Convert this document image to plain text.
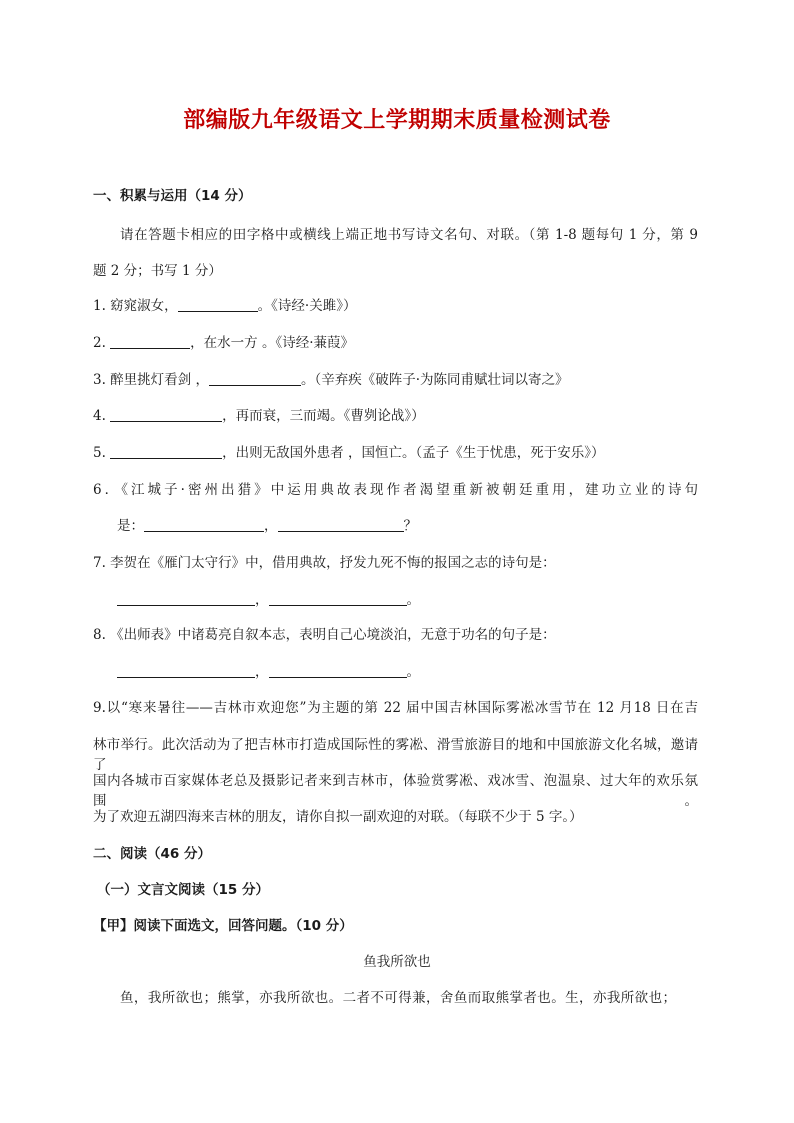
部编版九年级语文上学期期末质量检测试卷
一、积累与运用（14 分）
请在答题卡相应的田字格中或横线上端正地书写诗文名句、对联。（第 1-8 题每句 1 分，第 9
题 2 分；书写 1 分）
1. 窈窕淑女，	。《诗经·关雎》）
2.	，在水一方 。《诗经·蒹葭》
3. 醉里挑灯看剑 ，	。（辛弃疾《破阵子·为陈同甫赋壮词以寄之》
4.	，再而衰，三而竭。《曹刿论战》）
5.	，出则无敌国外患者 ，国恒亡。（孟子《生于忧患，死于安乐》）
6．《江城子·密州出猎》中运用典故表现作者渴望重新被朝廷重用，建功立业的诗句
是：	，	？
7. 李贺在《雁门太守行》中，借用典故，抒发九死不悔的报国之志的诗句是：
，	。
8. 《出师表》中诸葛亮自叙本志，表明自己心境淡泊，无意于功名的句子是：
，	。
9.以“寒来暑往——吉林市欢迎您”为主题的第 22 届中国吉林国际雾凇冰雪节在 12 月18 日在吉
林市举行。此次活动为了把吉林市打造成国际性的雾凇、滑雪旅游目的地和中国旅游文化名城，邀请了
国内各城市百家媒体老总及摄影记者来到吉林市，体验赏雾凇、戏冰雪、泡温泉、过大年的欢乐氛围。
为了欢迎五湖四海来吉林的朋友，请你自拟一副欢迎的对联。（每联不少于 5 字。）
二、阅读（46 分）
（一）文言文阅读（15 分）
【甲】阅读下面选文，回答问题。（10 分）
鱼我所欲也
鱼，我所欲也；熊掌，亦我所欲也。二者不可得兼，舍鱼而取熊掌者也。生，亦我所欲也；
